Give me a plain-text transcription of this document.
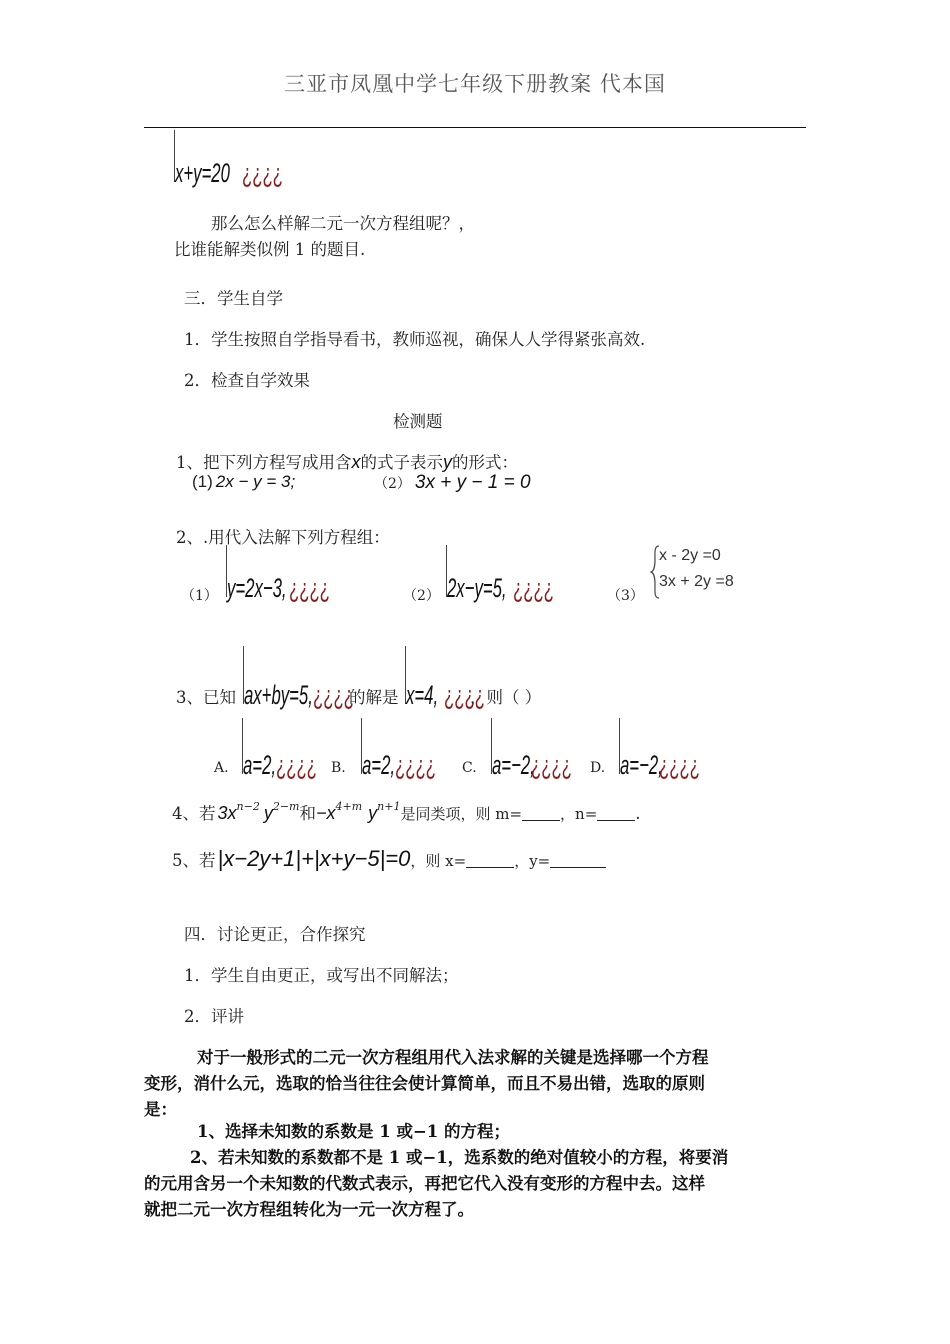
三亚市凤凰中学七年级下册教案 代本国
x+y=20 ¿¿¿¿
那么怎么样解二元一次方程组呢？，
比谁能解类似例 1 的题目.
三．学生自学
1．学生按照自学指导看书，教师巡视，确保人人学得紧张高效.
2．检查自学效果
检测题
1、把下列方程写成用含x的式子表示y的形式：
(1) 2x − y = 3;	（2） 3x + y − 1 = 0
2、.用代入法解下列方程组：
（1） y=2x−3,¿¿¿¿	（2） 2x−y=5, ¿¿¿¿	（3）
x - 2y =0
3x + 2y =8
3、已知 ax+by=5,¿¿¿¿
的解是 x=4, ¿¿¿¿
，则（ ）
A. a=2,¿¿¿¿ B. a=2,¿¿¿¿	C. a=−2,¿¿¿¿	D. a=−2,¿¿¿¿
4、若 $3x^{n-2}$ $y^{2-m}$和$-x^{4+m}$ $y^{n+1}$是同类项，则 m=	，n= .
5、若|x−2y+1|+|x+y−5|=0，则 x=	，y=
四．讨论更正，合作探究
1．学生自由更正，或写出不同解法；
2．评讲
对于一般形式的二元一次方程组用代入法求解的关键是选择哪一个方程
变形，消什么元，选取的恰当往往会使计算简单，而且不易出错，选取的原则
是：
1、选择未知数的系数是 1 或−1 的方程；
2、若未知数的系数都不是 1 或−1，选系数的绝对值较小的方程，将要消
的元用含另一个未知数的代数式表示，再把它代入没有变形的方程中去。这样
就把二元一次方程组转化为一元一次方程了。
